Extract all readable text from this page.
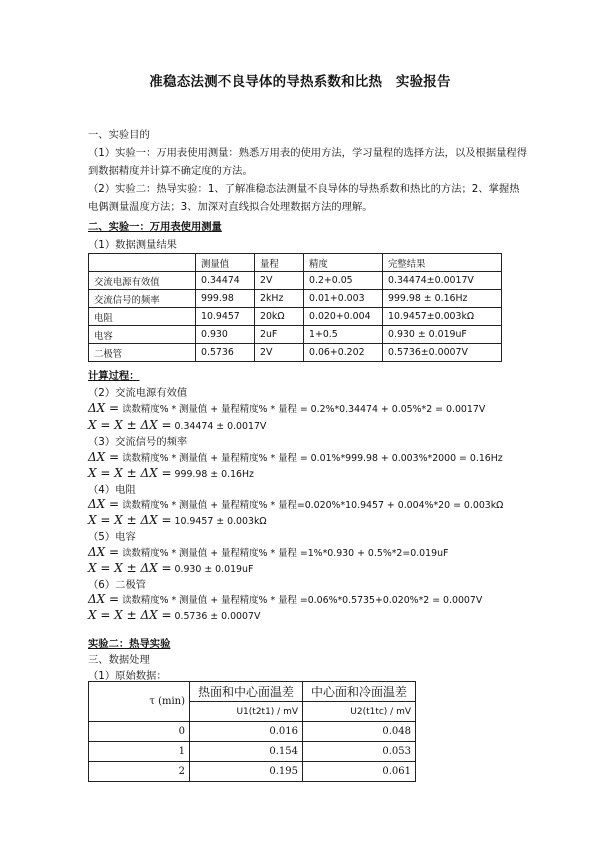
准稳态法测不良导体的导热系数和比热　实验报告
一、实验目的
（1）实验一：万用表使用测量：熟悉万用表的使用方法，学习量程的选择方法，以及根据量程得到数据精度并计算不确定度的方法。
（2）实验二：热导实验：1、了解准稳态法测量不良导体的导热系数和热比的方法；2、掌握热电偶测量温度方法；3、加深对直线拟合处理数据方法的理解。
二、实验一：万用表使用测量
（1）数据测量结果
	测量值	量程	精度	完整结果
交流电源有效值	0.34474	2V	0.2+0.05	0.34474±0.0017V
交流信号的频率	999.98	2kHz	0.01+0.003	999.98 ± 0.16Hz
电阻	10.9457	20kΩ	0.020+0.004	10.9457±0.003kΩ
电容	0.930	2uF	1+0.5	0.930 ± 0.019uF
二极管	0.5736	2V	0.06+0.202	0.5736±0.0007V
计算过程：
（2）交流电源有效值
ΔX = 读数精度% * 测量值 + 量程精度% * 量程 = 0.2%*0.34474 + 0.05%*2 = 0.0017V
X = X ± ΔX = 0.34474 ± 0.0017V
（3）交流信号的频率
ΔX = 读数精度% * 测量值 + 量程精度% * 量程 = 0.01%*999.98 + 0.003%*2000 = 0.16Hz
X = X ± ΔX = 999.98 ± 0.16Hz
（4）电阻
ΔX = 读数精度% * 测量值 + 量程精度% * 量程=0.020%*10.9457 + 0.004%*20 = 0.003kΩ
X = X ± ΔX = 10.9457 ± 0.003kΩ
（5）电容
ΔX = 读数精度% * 测量值 + 量程精度% * 量程 =1%*0.930 + 0.5%*2=0.019uF
X = X ± ΔX = 0.930 ± 0.019uF
（6）二极管
ΔX = 读数精度% * 测量值 + 量程精度% * 量程 =0.06%*0.5735+0.020%*2 = 0.0007V
X = X ± ΔX = 0.5736 ± 0.0007V
实验二：热导实验
三、数据处理
（1）原始数据：
τ (min)	热面和中心面温差	中心面和冷面温差
	U1(t2t1) / mV	U2(t1tc) / mV
0	0.016	0.048
1	0.154	0.053
2	0.195	0.061
